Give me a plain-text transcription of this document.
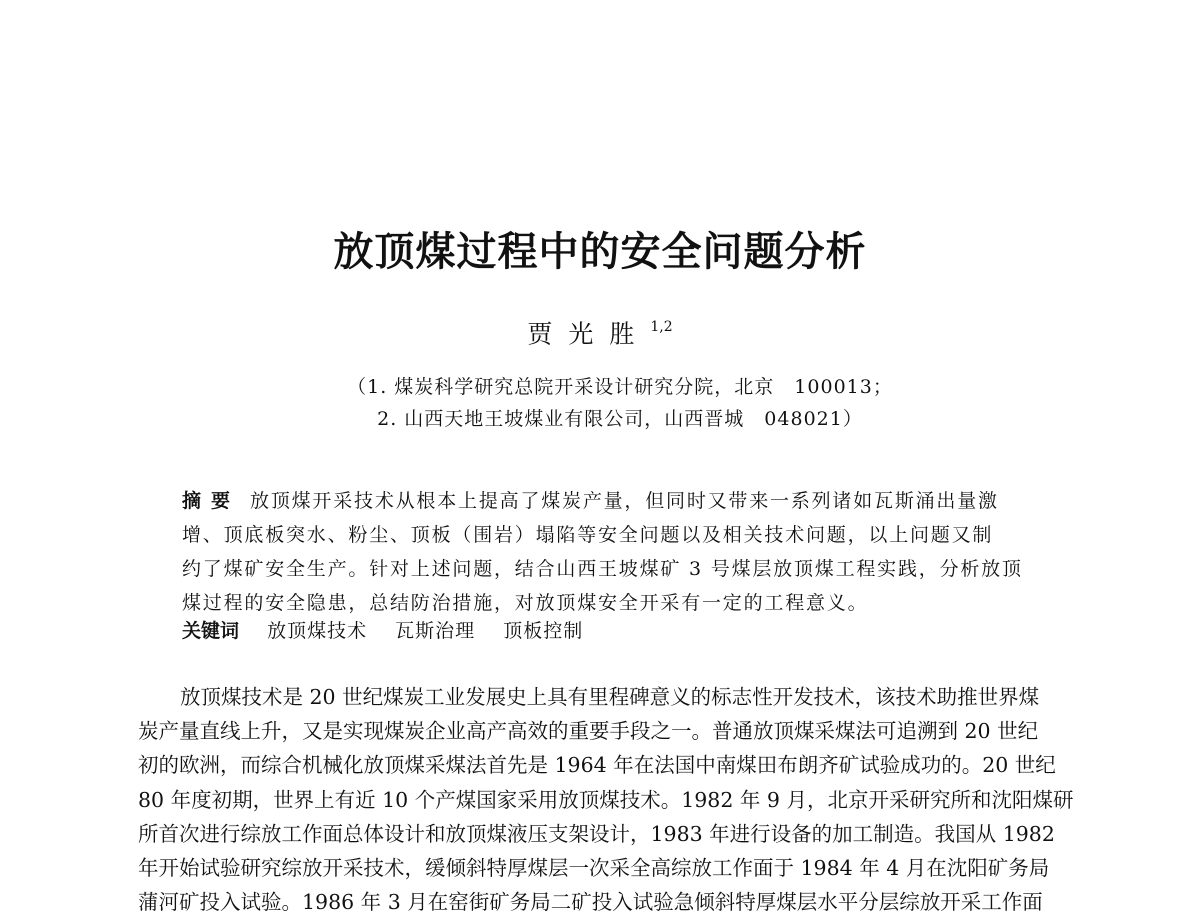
放顶煤过程中的安全问题分析
贾光胜$^{1,2}$
（1. 煤炭科学研究总院开采设计研究分院，北京　100013；
2. 山西天地王坡煤业有限公司，山西晋城　048021）
摘要 放顶煤开采技术从根本上提高了煤炭产量，但同时又带来一系列诸如瓦斯涌出量激
增、顶底板突水、粉尘、顶板（围岩）塌陷等安全问题以及相关技术问题，以上问题又制
约了煤矿安全生产。针对上述问题，结合山西王坡煤矿 3 号煤层放顶煤工程实践，分析放顶
煤过程的安全隐患，总结防治措施，对放顶煤安全开采有一定的工程意义。
关键词 放顶煤技术 瓦斯治理 顶板控制
放顶煤技术是 20 世纪煤炭工业发展史上具有里程碑意义的标志性开发技术，该技术助推世界煤
炭产量直线上升，又是实现煤炭企业高产高效的重要手段之一。普通放顶煤采煤法可追溯到 20 世纪
初的欧洲，而综合机械化放顶煤采煤法首先是 1964 年在法国中南煤田布朗齐矿试验成功的。20 世纪
80 年度初期，世界上有近 10 个产煤国家采用放顶煤技术。1982 年 9 月，北京开采研究所和沈阳煤研
所首次进行综放工作面总体设计和放顶煤液压支架设计，1983 年进行设备的加工制造。我国从 1982
年开始试验研究综放开采技术，缓倾斜特厚煤层一次采全高综放工作面于 1984 年 4 月在沈阳矿务局
蒲河矿投入试验。1986 年 3 月在窑街矿务局二矿投入试验急倾斜特厚煤层水平分层综放开采工作面
